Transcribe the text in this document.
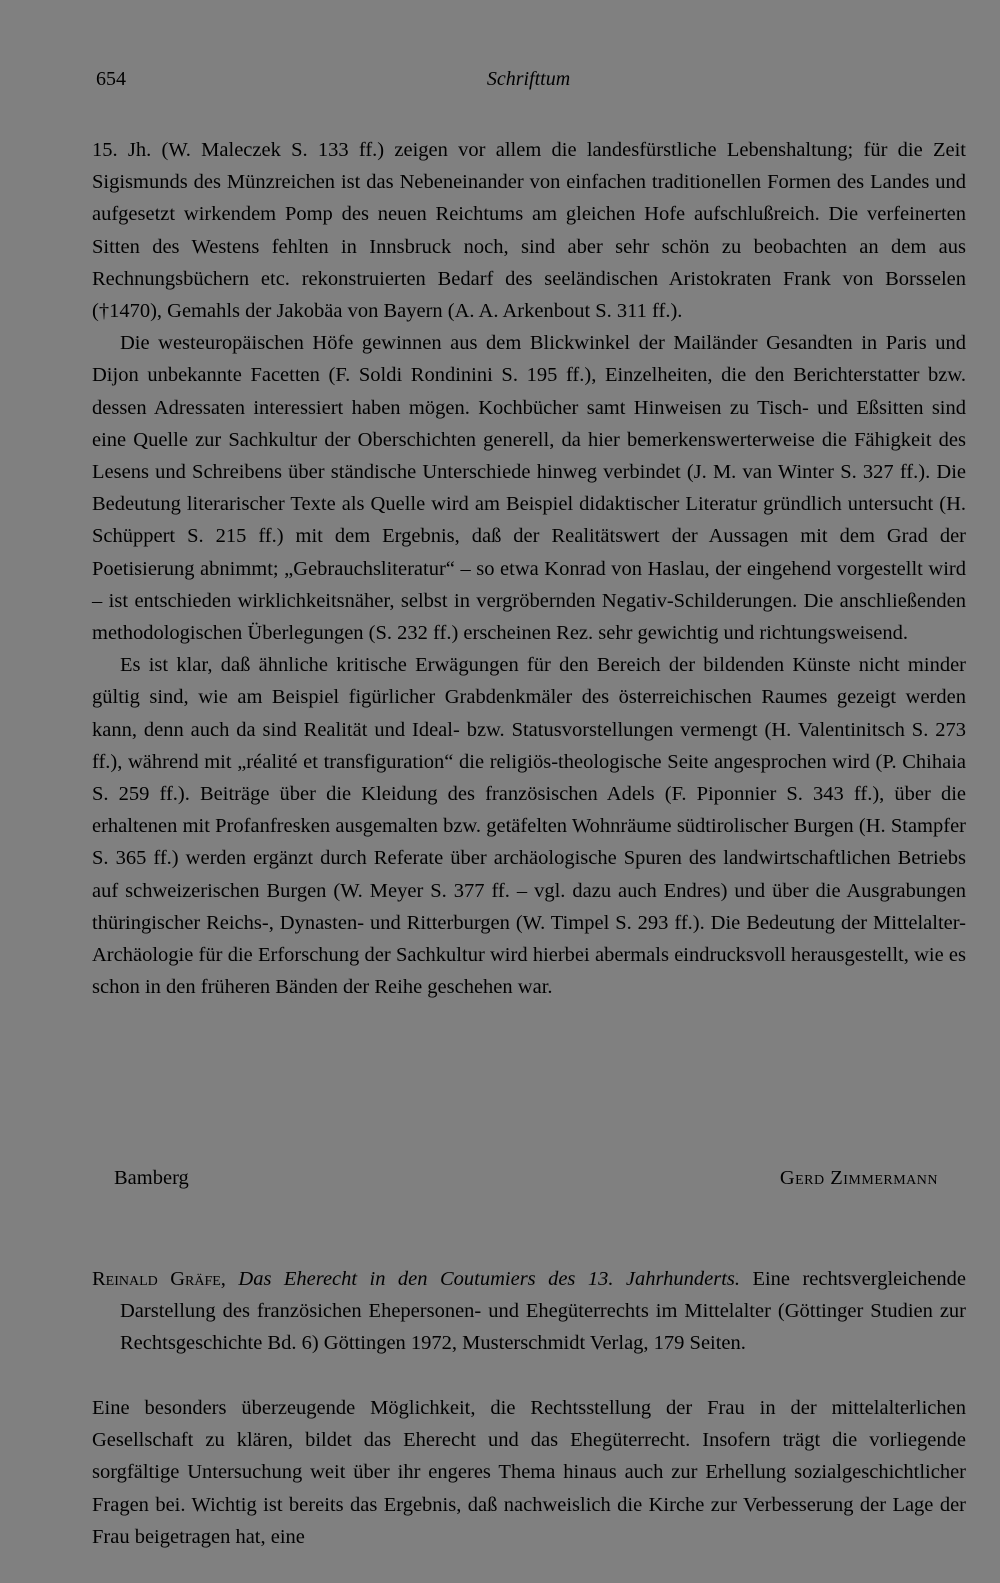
654	Schrifttum

15. Jh. (W. Maleczek S. 133 ff.) zeigen vor allem die landesfürstliche Lebenshaltung; für die Zeit Sigismunds des Münzreichen ist das Nebeneinander von einfachen traditionellen Formen des Landes und aufgesetzt wirkendem Pomp des neuen Reichtums am gleichen Hofe aufschlußreich. Die verfeinerten Sitten des Westens fehlten in Innsbruck noch, sind aber sehr schön zu beobachten an dem aus Rechnungsbüchern etc. rekonstruierten Bedarf des seeländischen Aristokraten Frank von Borsselen (†1470), Gemahls der Jakobäa von Bayern (A. A. Arkenbout S. 311 ff.).

Die westeuropäischen Höfe gewinnen aus dem Blickwinkel der Mailänder Gesandten in Paris und Dijon unbekannte Facetten (F. Soldi Rondinini S. 195 ff.), Einzelheiten, die den Berichterstatter bzw. dessen Adressaten interessiert haben mögen. Kochbücher samt Hinweisen zu Tisch- und Eßsitten sind eine Quelle zur Sachkultur der Oberschichten generell, da hier bemerkenswerterweise die Fähigkeit des Lesens und Schreibens über ständische Unterschiede hinweg verbindet (J. M. van Winter S. 327 ff.). Die Bedeutung literarischer Texte als Quelle wird am Beispiel didaktischer Literatur gründlich untersucht (H. Schüppert S. 215 ff.) mit dem Ergebnis, daß der Realitätswert der Aussagen mit dem Grad der Poetisierung abnimmt; „Gebrauchsliteratur“ – so etwa Konrad von Haslau, der eingehend vorgestellt wird – ist entschieden wirklichkeitsnäher, selbst in vergröbernden Negativ-Schilderungen. Die anschließenden methodologischen Überlegungen (S. 232 ff.) erscheinen Rez. sehr gewichtig und richtungsweisend.

Es ist klar, daß ähnliche kritische Erwägungen für den Bereich der bildenden Künste nicht minder gültig sind, wie am Beispiel figürlicher Grabdenkmäler des österreichischen Raumes gezeigt werden kann, denn auch da sind Realität und Ideal- bzw. Statusvorstellungen vermengt (H. Valentinitsch S. 273 ff.), während mit „réalité et transfiguration“ die religiös-theologische Seite angesprochen wird (P. Chihaia S. 259 ff.). Beiträge über die Kleidung des französischen Adels (F. Piponnier S. 343 ff.), über die erhaltenen mit Profanfresken ausgemalten bzw. getäfelten Wohnräume südtirolischer Burgen (H. Stampfer S. 365 ff.) werden ergänzt durch Referate über archäologische Spuren des landwirtschaftlichen Betriebs auf schweizerischen Burgen (W. Meyer S. 377 ff. – vgl. dazu auch Endres) und über die Ausgrabungen thüringischer Reichs-, Dynasten- und Ritterburgen (W. Timpel S. 293 ff.). Die Bedeutung der Mittelalter-Archäologie für die Erforschung der Sachkultur wird hierbei abermals eindrucksvoll herausgestellt, wie es schon in den früheren Bänden der Reihe geschehen war.

Bamberg	Gerd Zimmermann

Reinald Gräfe, Das Eherecht in den Coutumiers des 13. Jahrhunderts. Eine rechtsvergleichende Darstellung des französichen Ehepersonen- und Ehegüterrechts im Mittelalter (Göttinger Studien zur Rechtsgeschichte Bd. 6) Göttingen 1972, Musterschmidt Verlag, 179 Seiten.

Eine besonders überzeugende Möglichkeit, die Rechtsstellung der Frau in der mittelalterlichen Gesellschaft zu klären, bildet das Eherecht und das Ehegüterrecht. Insofern trägt die vorliegende sorgfältige Untersuchung weit über ihr engeres Thema hinaus auch zur Erhellung sozialgeschichtlicher Fragen bei. Wichtig ist bereits das Ergebnis, daß nachweislich die Kirche zur Verbesserung der Lage der Frau beigetragen hat, eine
